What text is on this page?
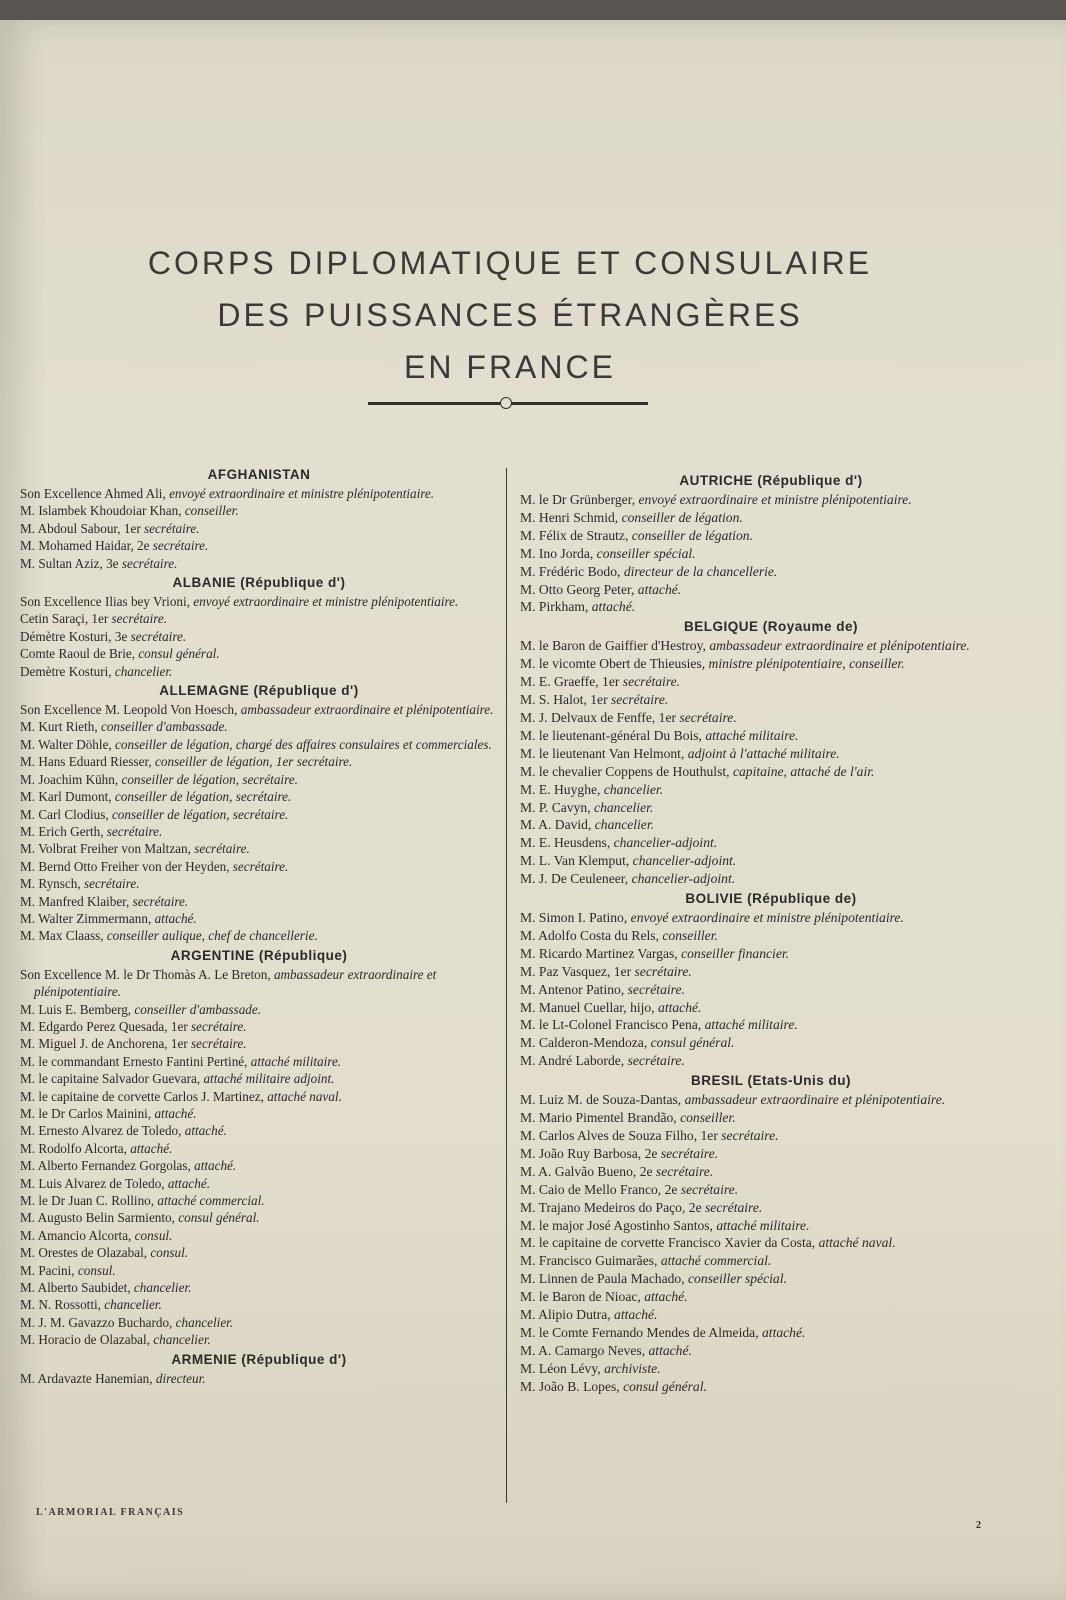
CORPS DIPLOMATIQUE ET CONSULAIRE
DES PUISSANCES ÉTRANGÈRES
EN FRANCE
AFGHANISTAN
Son Excellence Ahmed Ali, envoyé extraordinaire et ministre plénipotentiaire.
M. Islambek Khoudoiar Khan, conseiller.
M. Abdoul Sabour, 1er secrétaire.
M. Mohamed Haidar, 2e secrétaire.
M. Sultan Aziz, 3e secrétaire.
ALBANIE (République d')
Son Excellence Ilias bey Vrioni, envoyé extraordinaire et ministre plénipotentiaire.
Cetin Saraçi, 1er secrétaire.
Démètre Kosturi, 3e secrétaire.
Comte Raoul de Brie, consul général.
Demètre Kosturi, chancelier.
ALLEMAGNE (République d')
Son Excellence M. Leopold Von Hoesch, ambassadeur extraordinaire et plénipotentiaire.
M. Kurt Rieth, conseiller d'ambassade.
M. Walter Döhle, conseiller de légation, chargé des affaires consulaires et commerciales.
M. Hans Eduard Riesser, conseiller de légation, 1er secrétaire.
M. Joachim Kühn, conseiller de légation, secrétaire.
M. Karl Dumont, conseiller de légation, secrétaire.
M. Carl Clodius, conseiller de légation, secrétaire.
M. Erich Gerth, secrétaire.
M. Volbrat Freiher von Maltzan, secrétaire.
M. Bernd Otto Freiher von der Heyden, secrétaire.
M. Rynsch, secrétaire.
M. Manfred Klaiber, secrétaire.
M. Walter Zimmermann, attaché.
M. Max Claass, conseiller aulique, chef de chancellerie.
ARGENTINE (République)
Son Excellence M. le Dr Thomàs A. Le Breton, ambassadeur extraordinaire et plénipotentiaire.
M. Luis E. Bemberg, conseiller d'ambassade.
M. Edgardo Perez Quesada, 1er secrétaire.
M. Miguel J. de Anchorena, 1er secrétaire.
M. le commandant Ernesto Fantini Pertiné, attaché militaire.
M. le capitaine Salvador Guevara, attaché militaire adjoint.
M. le capitaine de corvette Carlos J. Martinez, attaché naval.
M. le Dr Carlos Mainini, attaché.
M. Ernesto Alvarez de Toledo, attaché.
M. Rodolfo Alcorta, attaché.
M. Alberto Fernandez Gorgolas, attaché.
M. Luis Alvarez de Toledo, attaché.
M. le Dr Juan C. Rollino, attaché commercial.
M. Augusto Belin Sarmiento, consul général.
M. Amancio Alcorta, consul.
M. Orestes de Olazabal, consul.
M. Pacini, consul.
M. Alberto Saubidet, chancelier.
M. N. Rossotti, chancelier.
M. J. M. Gavazzo Buchardo, chancelier.
M. Horacio de Olazabal, chancelier.
ARMENIE (République d')
M. Ardavazte Hanemian, directeur.
AUTRICHE (République d')
M. le Dr Grünberger, envoyé extraordinaire et ministre plénipotentiaire.
M. Henri Schmid, conseiller de légation.
M. Félix de Strautz, conseiller de légation.
M. Ino Jorda, conseiller spécial.
M. Frédéric Bodo, directeur de la chancellerie.
M. Otto Georg Peter, attaché.
M. Pirkham, attaché.
BELGIQUE (Royaume de)
M. le Baron de Gaiffier d'Hestroy, ambassadeur extraordinaire et plénipotentiaire.
M. le vicomte Obert de Thieusies, ministre plénipotentiaire, conseiller.
M. E. Graeffe, 1er secrétaire.
M. S. Halot, 1er secrétaire.
M. J. Delvaux de Fenffe, 1er secrétaire.
M. le lieutenant-général Du Bois, attaché militaire.
M. le lieutenant Van Helmont, adjoint à l'attaché militaire.
M. le chevalier Coppens de Houthulst, capitaine, attaché de l'air.
M. E. Huyghe, chancelier.
M. P. Cavyn, chancelier.
M. A. David, chancelier.
M. E. Heusdens, chancelier-adjoint.
M. L. Van Klemput, chancelier-adjoint.
M. J. De Ceuleneer, chancelier-adjoint.
BOLIVIE (République de)
M. Simon I. Patino, envoyé extraordinaire et ministre plénipotentiaire.
M. Adolfo Costa du Rels, conseiller.
M. Ricardo Martinez Vargas, conseiller financier.
M. Paz Vasquez, 1er secrétaire.
M. Antenor Patino, secrétaire.
M. Manuel Cuellar, hijo, attaché.
M. le Lt-Colonel Francisco Pena, attaché militaire.
M. Calderon-Mendoza, consul général.
M. André Laborde, secrétaire.
BRESIL (Etats-Unis du)
M. Luiz M. de Souza-Dantas, ambassadeur extraordinaire et plénipotentiaire.
M. Mario Pimentel Brandão, conseiller.
M. Carlos Alves de Souza Filho, 1er secrétaire.
M. João Ruy Barbosa, 2e secrétaire.
M. A. Galvão Bueno, 2e secrétaire.
M. Caio de Mello Franco, 2e secrétaire.
M. Trajano Medeiros do Paço, 2e secrétaire.
M. le major José Agostinho Santos, attaché militaire.
M. le capitaine de corvette Francisco Xavier da Costa, attaché naval.
M. Francisco Guimarães, attaché commercial.
M. Linnen de Paula Machado, conseiller spécial.
M. le Baron de Nioac, attaché.
M. Alipio Dutra, attaché.
M. le Comte Fernando Mendes de Almeida, attaché.
M. A. Camargo Neves, attaché.
M. Léon Lévy, archiviste.
M. João B. Lopes, consul général.
L'ARMORIAL FRANÇAIS
2
